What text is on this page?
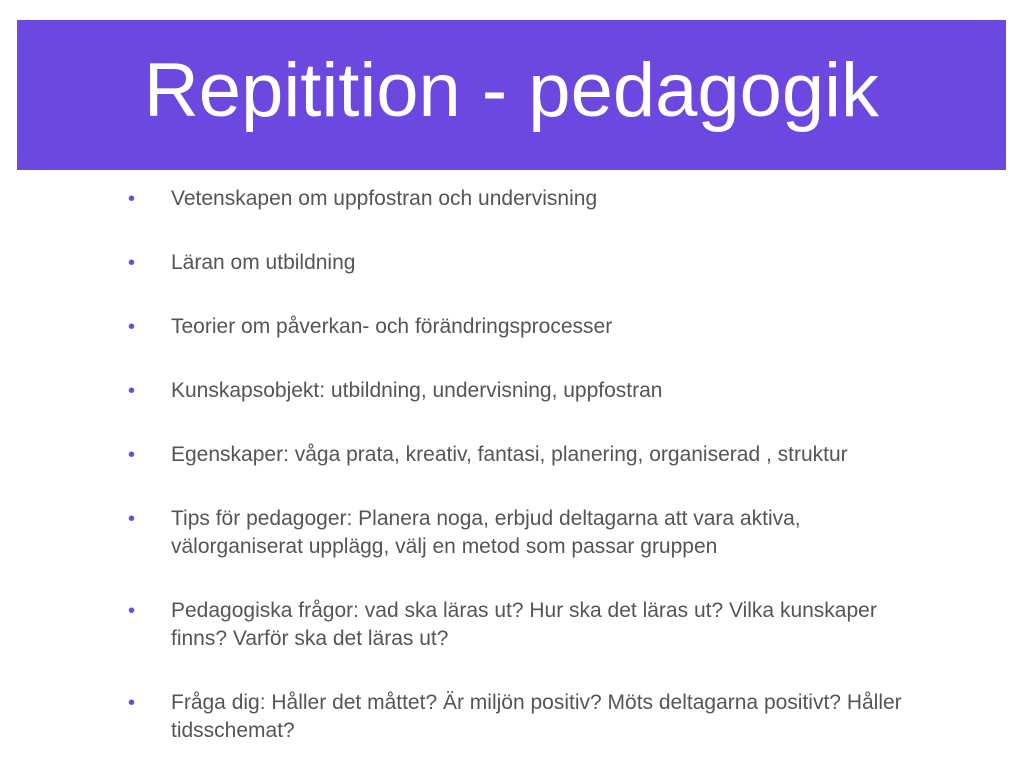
Repitition - pedagogik
• Vetenskapen om uppfostran och undervisning
• Läran om utbildning
• Teorier om påverkan- och förändringsprocesser
• Kunskapsobjekt: utbildning, undervisning, uppfostran
• Egenskaper: våga prata, kreativ, fantasi, planering, organiserad , struktur
• Tips för pedagoger: Planera noga, erbjud deltagarna att vara aktiva, välorganiserat upplägg, välj en metod som passar gruppen
• Pedagogiska frågor: vad ska läras ut? Hur ska det läras ut? Vilka kunskaper finns? Varför ska det läras ut?
• Fråga dig: Håller det måttet? Är miljön positiv? Möts deltagarna positivt? Håller tidsschemat?
